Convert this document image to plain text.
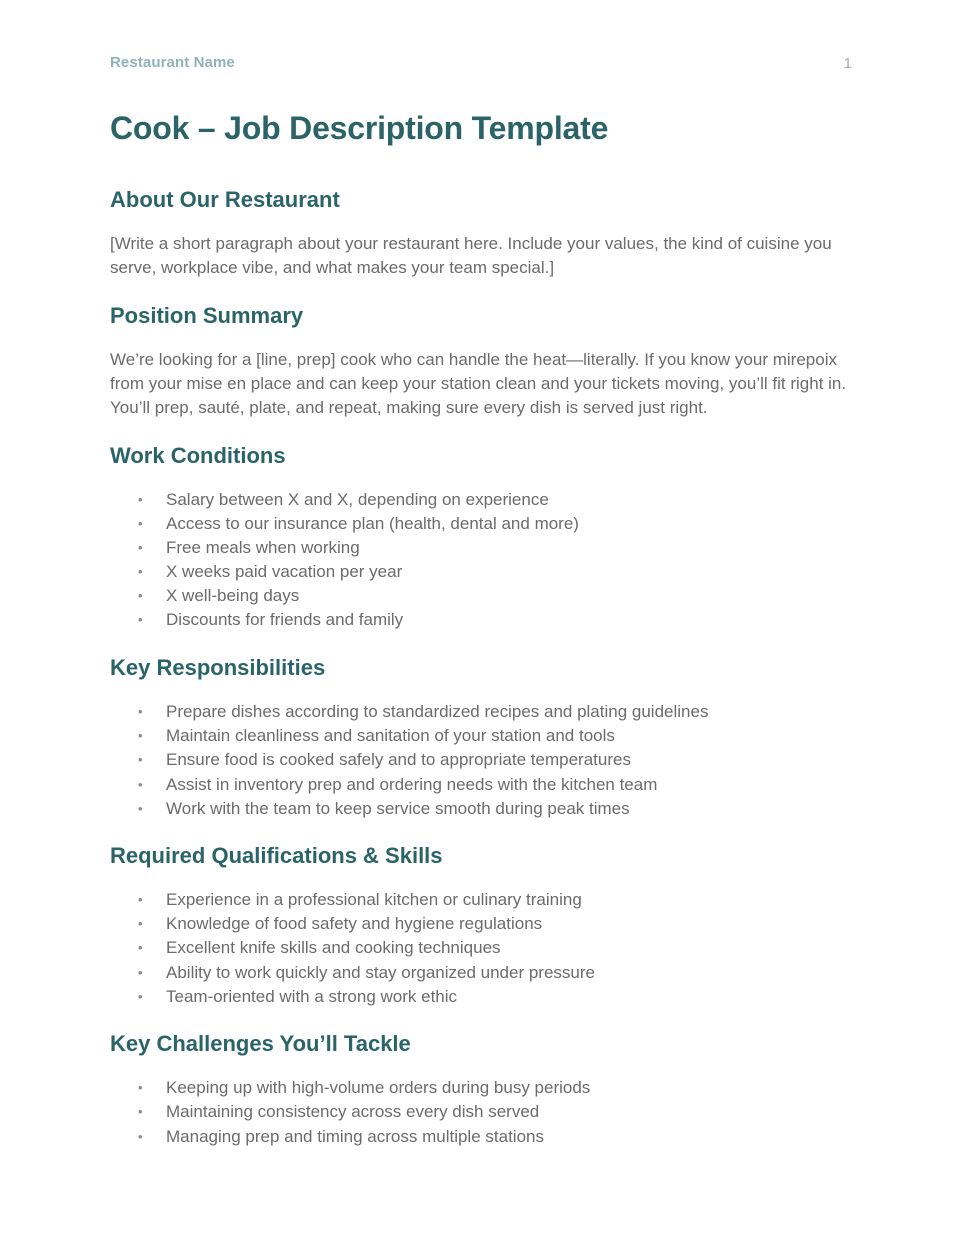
Restaurant Name	1
Cook – Job Description Template
About Our Restaurant

[Write a short paragraph about your restaurant here. Include your values, the kind of cuisine you serve, workplace vibe, and what makes your team special.]

Position Summary

We’re looking for a [line, prep] cook who can handle the heat—literally. If you know your mirepoix from your mise en place and can keep your station clean and your tickets moving, you’ll fit right in. You’ll prep, sauté, plate, and repeat, making sure every dish is served just right.

Work Conditions
• Salary between X and X, depending on experience
• Access to our insurance plan (health, dental and more)
• Free meals when working
• X weeks paid vacation per year
• X well-being days
• Discounts for friends and family
Key Responsibilities
• Prepare dishes according to standardized recipes and plating guidelines
• Maintain cleanliness and sanitation of your station and tools
• Ensure food is cooked safely and to appropriate temperatures
• Assist in inventory prep and ordering needs with the kitchen team
• Work with the team to keep service smooth during peak times
Required Qualifications & Skills
• Experience in a professional kitchen or culinary training
• Knowledge of food safety and hygiene regulations
• Excellent knife skills and cooking techniques
• Ability to work quickly and stay organized under pressure
• Team-oriented with a strong work ethic
Key Challenges You’ll Tackle
• Keeping up with high-volume orders during busy periods
• Maintaining consistency across every dish served
• Managing prep and timing across multiple stations
